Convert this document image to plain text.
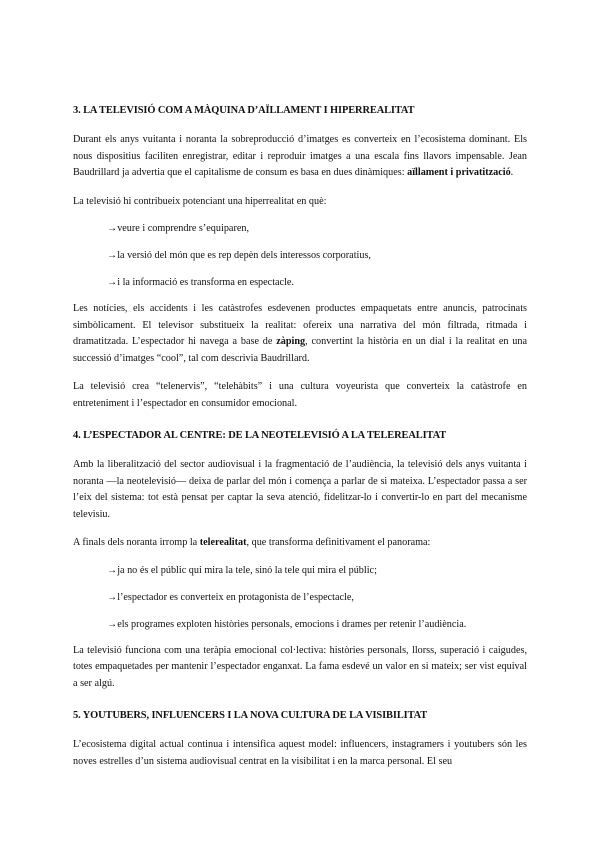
3. LA TELEVISIÓ COM A MÀQUINA D’AÏLLAMENT I HIPERREALITAT

Durant els anys vuitanta i noranta la sobreproducció d’imatges es converteix en l’ecosistema dominant. Els nous dispositius faciliten enregistrar, editar i reproduir imatges a una escala fins llavors impensable. Jean Baudrillard ja advertia que el capitalisme de consum es basa en dues dinàmiques: aïllament i privatització.

La televisió hi contribueix potenciant una hiperrealitat en què:

→veure i comprendre s’equiparen,
→la versió del món que es rep depèn dels interessos corporatius,
→i la informació es transforma en espectacle.

Les notícies, els accidents i les catàstrofes esdevenen productes empaquetats entre anuncis, patrocinats simbòlicament. El televisor substitueix la realitat: ofereix una narrativa del món filtrada, ritmada i dramatitzada. L’espectador hi navega a base de zàping, convertint la història en un dial i la realitat en una successió d’imatges “cool”, tal com descrivia Baudrillard.

La televisió crea “telenervis”, “telehàbits” i una cultura voyeurista que converteix la catàstrofe en entreteniment i l’espectador en consumidor emocional.

4. L’ESPECTADOR AL CENTRE: DE LA NEOTELEVISIÓ A LA TELEREALITAT

Amb la liberalització del sector audiovisual i la fragmentació de l’audiència, la televisió dels anys vuitanta i noranta —la neotelevisió— deixa de parlar del món i comença a parlar de si mateixa. L’espectador passa a ser l’eix del sistema: tot està pensat per captar la seva atenció, fidelitzar-lo i convertir-lo en part del mecanisme televisiu.

A finals dels noranta irromp la telerealitat, que transforma definitivament el panorama:

→ja no és el públic qui mira la tele, sinó la tele qui mira el públic;
→l’espectador es converteix en protagonista de l’espectacle,
→els programes exploten històries personals, emocions i drames per retenir l’audiència.

La televisió funciona com una teràpia emocional col·lectiva: històries personals, llorss, superació i caigudes, totes empaquetades per mantenir l’espectador enganxat. La fama esdevé un valor en si mateix; ser vist equival a ser algú.

5. YOUTUBERS, INFLUENCERS I LA NOVA CULTURA DE LA VISIBILITAT

L’ecosistema digital actual continua i intensifica aquest model: influencers, instagramers i youtubers són les noves estrelles d’un sistema audiovisual centrat en la visibilitat i en la marca personal. El seu
